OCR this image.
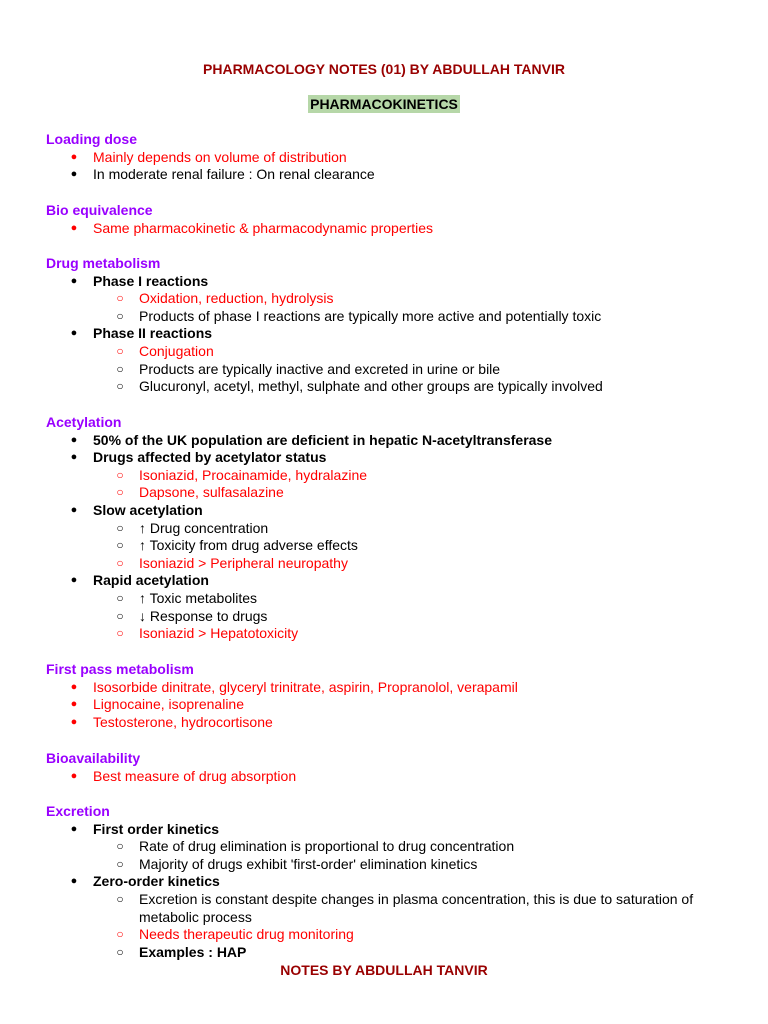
PHARMACOLOGY NOTES (01) BY ABDULLAH TANVIR
PHARMACOKINETICS
Loading dose
● Mainly depends on volume of distribution
● In moderate renal failure : On renal clearance
Bio equivalence
● Same pharmacokinetic & pharmacodynamic properties
Drug metabolism
● Phase I reactions
○ Oxidation, reduction, hydrolysis
○ Products of phase I reactions are typically more active and potentially toxic
● Phase II reactions
○ Conjugation
○ Products are typically inactive and excreted in urine or bile
○ Glucuronyl, acetyl, methyl, sulphate and other groups are typically involved
Acetylation
● 50% of the UK population are deficient in hepatic N-acetyltransferase
● Drugs affected by acetylator status
○ Isoniazid, Procainamide, hydralazine
○ Dapsone, sulfasalazine
● Slow acetylation
○ ↑ Drug concentration
○ ↑ Toxicity from drug adverse effects
○ Isoniazid > Peripheral neuropathy
● Rapid acetylation
○ ↑ Toxic metabolites
○ ↓ Response to drugs
○ Isoniazid > Hepatotoxicity
First pass metabolism
● Isosorbide dinitrate, glyceryl trinitrate, aspirin, Propranolol, verapamil
● Lignocaine, isoprenaline
● Testosterone, hydrocortisone
Bioavailability
● Best measure of drug absorption
Excretion
● First order kinetics
○ Rate of drug elimination is proportional to drug concentration
○ Majority of drugs exhibit 'first-order' elimination kinetics
● Zero-order kinetics
○ Excretion is constant despite changes in plasma concentration, this is due to saturation of metabolic process
○ Needs therapeutic drug monitoring
○ Examples : HAP
NOTES BY ABDULLAH TANVIR
